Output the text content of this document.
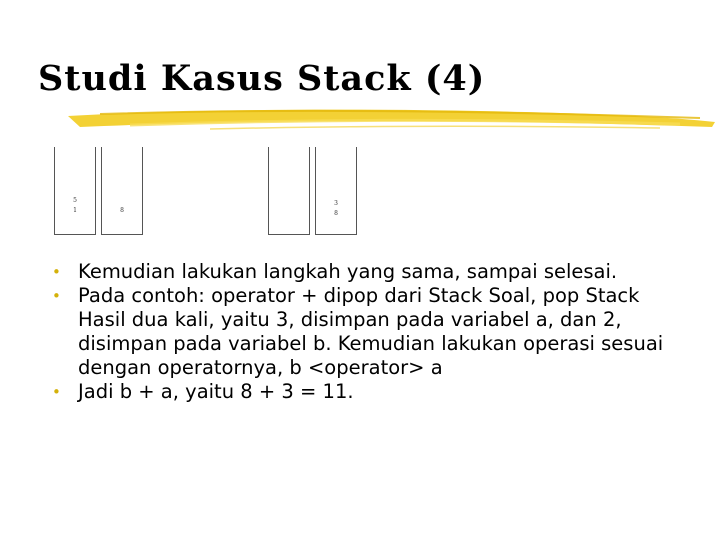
Studi Kasus Stack (4)
5
1	8
3
8
• Kemudian lakukan langkah yang sama, sampai selesai.
• Pada contoh: operator + dipop dari Stack Soal, pop Stack Hasil dua kali, yaitu 3, disimpan pada variabel a, dan 2, disimpan pada variabel b. Kemudian lakukan operasi sesuai dengan operatornya, b <operator> a
• Jadi b + a, yaitu 8 + 3 = 11.
